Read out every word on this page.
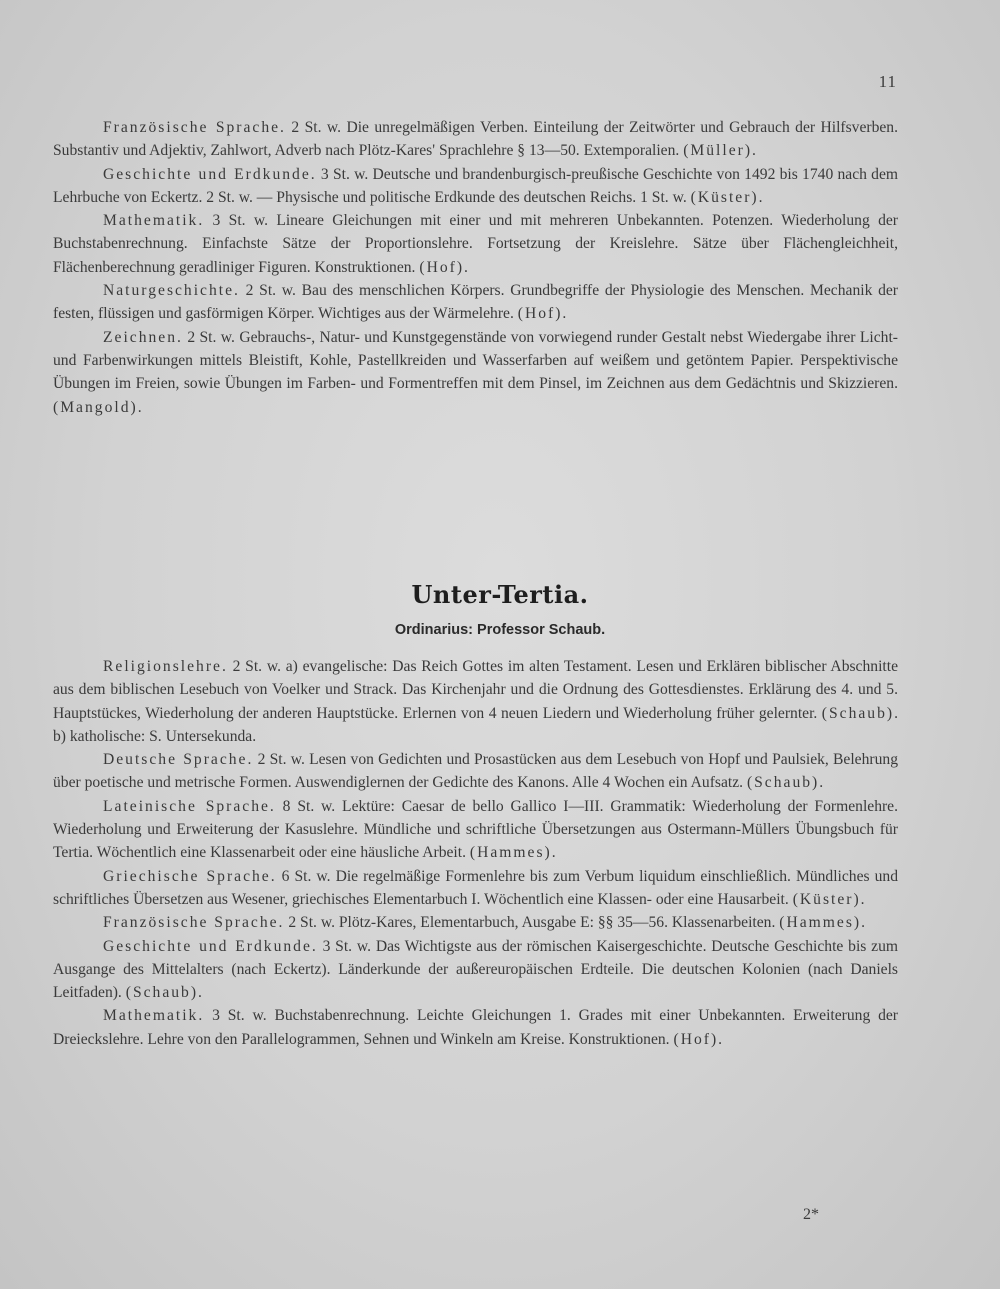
11

Französische Sprache. 2 St. w. Die unregelmäßigen Verben. Einteilung der Zeitwörter und Gebrauch der Hilfsverben. Substantiv und Adjektiv, Zahlwort, Adverb nach Plötz-Kares' Sprachlehre § 13—50. Extemporalien. (Müller).

Geschichte und Erdkunde. 3 St. w. Deutsche und brandenburgisch-preußische Geschichte von 1492 bis 1740 nach dem Lehrbuche von Eckertz. 2 St. w. — Physische und politische Erdkunde des deutschen Reichs. 1 St. w. (Küster).

Mathematik. 3 St. w. Lineare Gleichungen mit einer und mit mehreren Unbekannten. Potenzen. Wiederholung der Buchstabenrechnung. Einfachste Sätze der Proportionslehre. Fortsetzung der Kreislehre. Sätze über Flächengleichheit, Flächenberechnung geradliniger Figuren. Konstruktionen. (Hof).

Naturgeschichte. 2 St. w. Bau des menschlichen Körpers. Grundbegriffe der Physiologie des Menschen. Mechanik der festen, flüssigen und gasförmigen Körper. Wichtiges aus der Wärmelehre. (Hof).

Zeichnen. 2 St. w. Gebrauchs-, Natur- und Kunstgegenstände von vorwiegend runder Gestalt nebst Wiedergabe ihrer Licht- und Farbenwirkungen mittels Bleistift, Kohle, Pastellkreiden und Wasserfarben auf weißem und getöntem Papier. Perspektivische Übungen im Freien, sowie Übungen im Farben- und Formentreffen mit dem Pinsel, im Zeichnen aus dem Gedächtnis und Skizzieren. (Mangold).

Unter-Tertia.
Ordinarius: Professor Schaub.

Religionslehre. 2 St. w. a) evangelische: Das Reich Gottes im alten Testament. Lesen und Erklären biblischer Abschnitte aus dem biblischen Lesebuch von Voelker und Strack. Das Kirchenjahr und die Ordnung des Gottesdienstes. Erklärung des 4. und 5. Hauptstückes, Wiederholung der anderen Hauptstücke. Erlernen von 4 neuen Liedern und Wiederholung früher gelernter. (Schaub). b) katholische: S. Untersekunda.

Deutsche Sprache. 2 St. w. Lesen von Gedichten und Prosastücken aus dem Lesebuch von Hopf und Paulsiek, Belehrung über poetische und metrische Formen. Auswendiglernen der Gedichte des Kanons. Alle 4 Wochen ein Aufsatz. (Schaub).

Lateinische Sprache. 8 St. w. Lektüre: Caesar de bello Gallico I—III. Grammatik: Wiederholung der Formenlehre. Wiederholung und Erweiterung der Kasuslehre. Mündliche und schriftliche Übersetzungen aus Ostermann-Müllers Übungsbuch für Tertia. Wöchentlich eine Klassenarbeit oder eine häusliche Arbeit. (Hammes).

Griechische Sprache. 6 St. w. Die regelmäßige Formenlehre bis zum Verbum liquidum einschließlich. Mündliches und schriftliches Übersetzen aus Wesener, griechisches Elementarbuch I. Wöchentlich eine Klassen- oder eine Hausarbeit. (Küster).

Französische Sprache. 2 St. w. Plötz-Kares, Elementarbuch, Ausgabe E: §§ 35—56. Klassenarbeiten. (Hammes).

Geschichte und Erdkunde. 3 St. w. Das Wichtigste aus der römischen Kaisergeschichte. Deutsche Geschichte bis zum Ausgange des Mittelalters (nach Eckertz). Länderkunde der außereuropäischen Erdteile. Die deutschen Kolonien (nach Daniels Leitfaden). (Schaub).

Mathematik. 3 St. w. Buchstabenrechnung. Leichte Gleichungen 1. Grades mit einer Unbekannten. Erweiterung der Dreieckslehre. Lehre von den Parallelogrammen, Sehnen und Winkeln am Kreise. Konstruktionen. (Hof).

2*
